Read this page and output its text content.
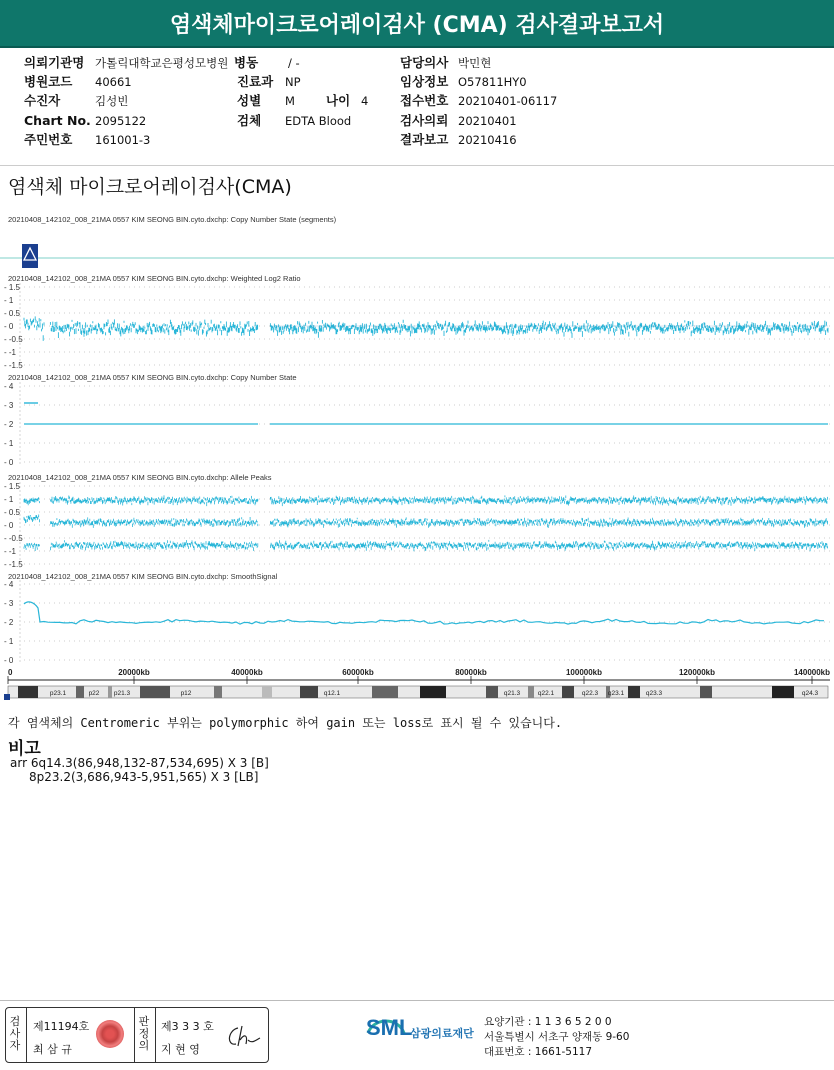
염색체마이크로어레이검사 (CMA) 검사결과보고서
의뢰기관명 가톨릭대학교은평성모병원 병동	/ -	담당의사 박민현
병원코드 40661	진료과 NP	임상정보 O57811HY0
수진자	김성빈	성별 M 나이 4	접수번호 20210401-06117
Chart No. 2095122	검체 EDTA Blood	검사의뢰 20210401
주민번호 161001-3	결과보고 20210416
염색체 마이크로어레이검사(CMA)
20210408_142102_008_21MA 0557 KIM SEONG BIN.cyto.dxchp: Copy Number State (segments)
20210408_142102_008_21MA 0557 KIM SEONG BIN.cyto.dxchp: Weighted Log2 Ratio
20210408_142102_008_21MA 0557 KIM SEONG BIN.cyto.dxchp: Copy Number State
20210408_142102_008_21MA 0557 KIM SEONG BIN.cyto.dxchp: Allele Peaks
20210408_142102_008_21MA 0557 KIM SEONG BIN.cyto.dxchp: SmoothSignal
- 1.5
- 1
- 0.5
- 0
- -0.5
- -1
- -1.5
- 4
- 3
- 2
- 1
- 0
- 1.5
- 1
- 0.5
- 0
- -0.5
- -1
- -1.5
- 4
- 3
- 2
- 1
- 0
0	20000kb	40000kb	60000kb	80000kb	100000kb	120000kb	140000kb
p23.1	p22 p21.3	p12	q12.1	q21.3	q22.1	q22.3 q23.1	q23.3	q24.3
각 염색체의 Centromeric 부위는 polymorphic 하여 gain 또는 loss로 표시 될 수 있습니다.
비고
arr 6q14.3(86,948,132-87,534,695) X 3 [B]
8p23.2(3,686,943-5,951,565) X 3 [LB]
검사자
제11194호
최 삼 규
판정의
제3 3 3 호
지 현 영
SML
삼광의료재단
요양기관 : 1 1 3 6 5 2 0 0
서울특별시 서초구 양재동 9-60
대표번호 : 1661-5117
